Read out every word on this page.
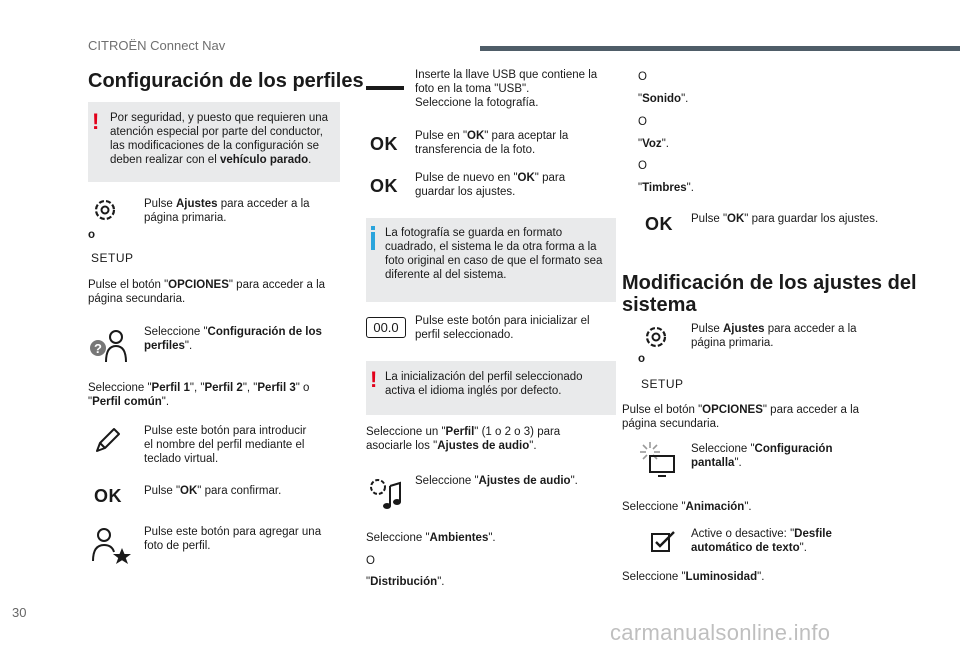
CITROËN Connect Nav
Configuración de los perfiles
! Por seguridad, y puesto que requieren una
atención especial por parte del conductor,
las modificaciones de la configuración se
deben realizar con el vehículo parado.
Pulse Ajustes para acceder a la
página primaria.
o
SETUP
Pulse el botón "OPCIONES" para acceder a la
página secundaria.
?
Seleccione "Configuración de los
perfiles".
Seleccione "Perfil 1", "Perfil 2", "Perfil 3" o
"Perfil común".
Pulse este botón para introducir
el nombre del perfil mediante el
teclado virtual.
OK Pulse "OK" para confirmar.
Pulse este botón para agregar una
foto de perfil.
Inserte la llave USB que contiene la
foto en la toma "USB".
Seleccione la fotografía.
OK Pulse en "OK" para aceptar la
transferencia de la foto.
OK Pulse de nuevo en "OK" para
guardar los ajustes.
La fotografía se guarda en formato
cuadrado, el sistema le da otra forma a la
foto original en caso de que el formato sea
diferente al del sistema.
00.0	Pulse este botón para inicializar el
perfil seleccionado.
! La inicialización del perfil seleccionado
activa el idioma inglés por defecto.
Seleccione un "Perfil" (1 o 2 o 3) para
asociarle los "Ajustes de audio".
Seleccione "Ajustes de audio".
Seleccione "Ambientes".
O
"Distribución".
O
"Sonido".
O
"Voz".
O
"Timbres".
OK Pulse "OK" para guardar los ajustes.
Modificación de los ajustes del sistema
Pulse Ajustes para acceder a la
página primaria.
o
SETUP
Pulse el botón "OPCIONES" para acceder a la
página secundaria.
Seleccione "Configuración
pantalla".
Seleccione "Animación".
Active o desactive: "Desfile
automático de texto".
Seleccione "Luminosidad".
30
carmanualsonline.info
